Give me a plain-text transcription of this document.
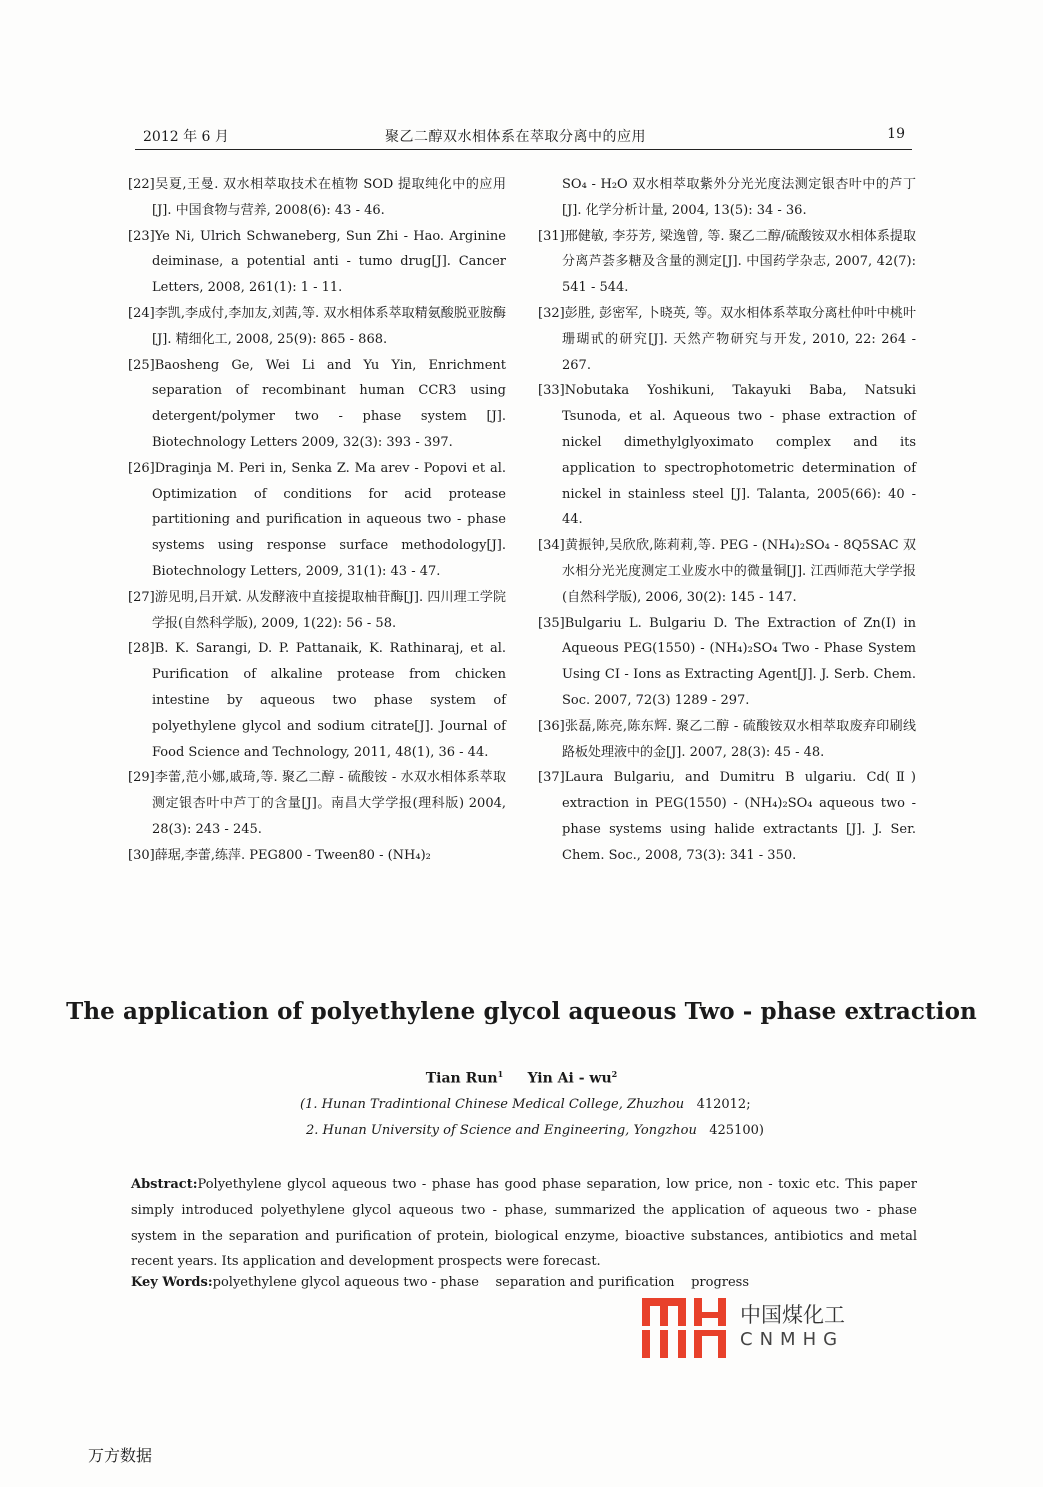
2012 年 6 月	聚乙二醇双水相体系在萃取分离中的应用	19

[22]吴夏,王曼. 双水相萃取技术在植物 SOD 提取纯化中的应用[J]. 中国食物与营养, 2008(6): 43 - 46.

[23]Ye Ni, Ulrich Schwaneberg, Sun Zhi - Hao. Arginine deiminase, a potential anti - tumo drug[J]. Cancer Letters, 2008, 261(1): 1 - 11.

[24]李凯,李成付,李加友,刘茜,等. 双水相体系萃取精氨酸脱亚胺酶[J]. 精细化工, 2008, 25(9): 865 - 868.

[25]Baosheng Ge, Wei Li and Yu Yin, Enrichment separation of recombinant human CCR3 using detergent/polymer two - phase system [J]. Biotechnology Letters 2009, 32(3): 393 - 397.

[26]Draginja M. Peri in, Senka Z. Ma arev - Popovi et al. Optimization of conditions for acid protease partitioning and purification in aqueous two - phase systems using response surface methodology[J]. Biotechnology Letters, 2009, 31(1): 43 - 47.

[27]游见明,吕开斌. 从发酵液中直接提取柚苷酶[J]. 四川理工学院学报(自然科学版), 2009, 1(22): 56 - 58.

[28]B. K. Sarangi, D. P. Pattanaik, K. Rathinaraj, et al. Purification of alkaline protease from chicken intestine by aqueous two phase system of polyethylene glycol and sodium citrate[J]. Journal of Food Science and Technology, 2011, 48(1), 36 - 44.

[29]李蕾,范小娜,戚琦,等. 聚乙二醇 - 硫酸铵 - 水双水相体系萃取测定银杏叶中芦丁的含量[J]。南昌大学学报(理科版) 2004, 28(3): 243 - 245.

[30]薛琚,李蕾,练萍. PEG800 - Tween80 - (NH₄)₂

SO₄ - H₂O 双水相萃取紫外分光光度法测定银杏叶中的芦丁[J]. 化学分析计量, 2004, 13(5): 34 - 36.

[31]邢健敏, 李芬芳, 梁逸曾, 等. 聚乙二醇/硫酸铵双水相体系提取分离芦荟多糖及含量的测定[J]. 中国药学杂志, 2007, 42(7): 541 - 544.

[32]彭胜, 彭密军, 卜晓英, 等。双水相体系萃取分离杜仲叶中桃叶珊瑚甙的研究[J]. 天然产物研究与开发, 2010, 22: 264 - 267.

[33]Nobutaka Yoshikuni, Takayuki Baba, Natsuki Tsunoda, et al. Aqueous two - phase extraction of nickel dimethylglyoximato complex and its application to spectrophotometric determination of nickel in stainless steel [J]. Talanta, 2005(66): 40 - 44.

[34]黄振钟,吴欣欣,陈莉莉,等. PEG - (NH₄)₂SO₄ - 8Q5SAC 双水相分光光度测定工业废水中的微量铜[J]. 江西师范大学学报(自然科学版), 2006, 30(2): 145 - 147.

[35]Bulgariu L. Bulgariu D. The Extraction of Zn(I) in Aqueous PEG(1550) - (NH₄)₂SO₄ Two - Phase System Using CI - Ions as Extracting Agent[J]. J. Serb. Chem. Soc. 2007, 72(3) 1289 - 297.

[36]张磊,陈亮,陈东辉. 聚乙二醇 - 硫酸铵双水相萃取废弃印刷线路板处理液中的金[J]. 2007, 28(3): 45 - 48.

[37]Laura Bulgariu, and Dumitru B ulgariu. Cd(Ⅱ) extraction in PEG(1550) - (NH₄)₂SO₄ aqueous two - phase systems using halide extractants [J]. J. Ser. Chem. Soc., 2008, 73(3): 341 - 350.

The application of polyethylene glycol aqueous Two - phase extraction
Tian Run$^1$ Yin Ai - $wu^2$
(1. Hunan Tradintional Chinese Medical College, Zhuzhou 412012;
2. Hunan University of Science and Engineering, Yongzhou 425100)
Abstract:Polyethylene glycol aqueous two - phase has good phase separation, low price, non - toxic etc. This paper simply introduced polyethylene glycol aqueous two - phase, summarized the application of aqueous two - phase system in the separation and purification of protein, biological enzyme, bioactive substances, antibiotics and metal recent years. Its application and development prospects were forecast.
Key Words:polyethylene glycol aqueous two - phase    separation and purification    progress
中国煤化工
CNMHG
万方数据
